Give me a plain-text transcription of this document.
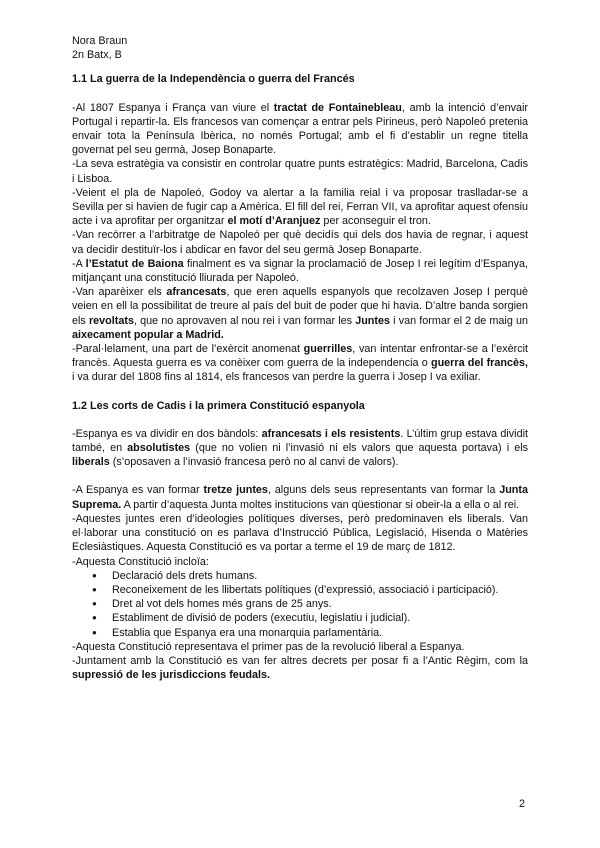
Nora Braun
2n Batx, B
1.1 La guerra de la Independència o guerra del Francés

-Al 1807 Espanya i França van viure el tractat de Fontainebleau, amb la intenció d’envair Portugal i repartir-la. Els francesos van començar a entrar pels Pirineus, però Napoleó pretenia envair tota la Península Ibèrica, no només Portugal; amb el fi d’establir un regne titella governat pel seu germà, Josep Bonaparte.

-La seva estratègia va consistir en controlar quatre punts estratègics: Madrid, Barcelona, Cadis i Lisboa.

-Veient el pla de Napoleó, Godoy va alertar a la familia reial i va proposar traslladar-se a Sevilla per si havien de fugir cap a Amèrica. El fill del rei, Ferran VII, va aprofitar aquest ofensiu acte i va aprofitar per organitzar el motí d’Aranjuez per aconseguir el tron.

-Van recòrrer a l’arbitratge de Napoleó per què decidís qui dels dos havia de regnar, i aquest va decidir destituïr-los i abdicar en favor del seu germà Josep Bonaparte.

-A l’Estatut de Baiona finalment es va signar la proclamació de Josep I rei legítim d’Espanya, mitjançant una constitució lliurada per Napoleó.

-Van aparèixer els afrancesats, que eren aquells espanyols que recolzaven Josep I perquè veien en ell la possibilitat de treure al país del buit de poder que hi havia. D’altre banda sorgien els revoltats, que no aprovaven al nou rei i van formar les Juntes i van formar el 2 de maig un aixecament popular a Madrid.

-Paral·lelament, una part de l’exèrcit anomenat guerrilles, van intentar enfrontar-se a l’exèrcit francès. Aquesta guerra es va conèixer com guerra de la independencia o guerra del francès, i va durar del 1808 fins al 1814, els francesos van perdre la guerra i Josep I va exiliar.

1.2 Les corts de Cadis i la primera Constitució espanyola

-Espanya es va dividir en dos bàndols: afrancesats i els resistents. L’últim grup estava dividit també, en absolutistes (que no volien ni l’invasió ni els valors que aquesta portava) i els liberals (s’oposaven a l’invasió francesa però no al canvi de valors).

-A Espanya es van formar tretze juntes, alguns dels seus representants van formar la Junta Suprema. A partir d’aquesta Junta moltes institucions van qüestionar si obeir-la a ella o al rei.

-Aquestes juntes eren d’ideologies polítiques diverses, però predominaven els liberals. Van el·laborar una constitució on es parlava d’Instrucció Pública, Legislació, Hisenda o Matèries Eclesiàstiques. Aquesta Constitució es va portar a terme el 19 de març de 1812.

-Aquesta Constitució incloïa:

● Declaració dels drets humans.
● Reconeixement de les llibertats polítiques (d’expressió, associació i participació).
● Dret al vot dels homes més grans de 25 anys.
● Establiment de divisió de poders (executiu, legislatiu i judicial).
● Establia que Espanya era una monarquia parlamentària.

-Aquesta Constitució representava el primer pas de la revolució liberal a Espanya.

-Juntament amb la Constitució es van fer altres decrets per posar fi a l’Antic Règim, com la supressió de les jurisdiccions feudals.

2
